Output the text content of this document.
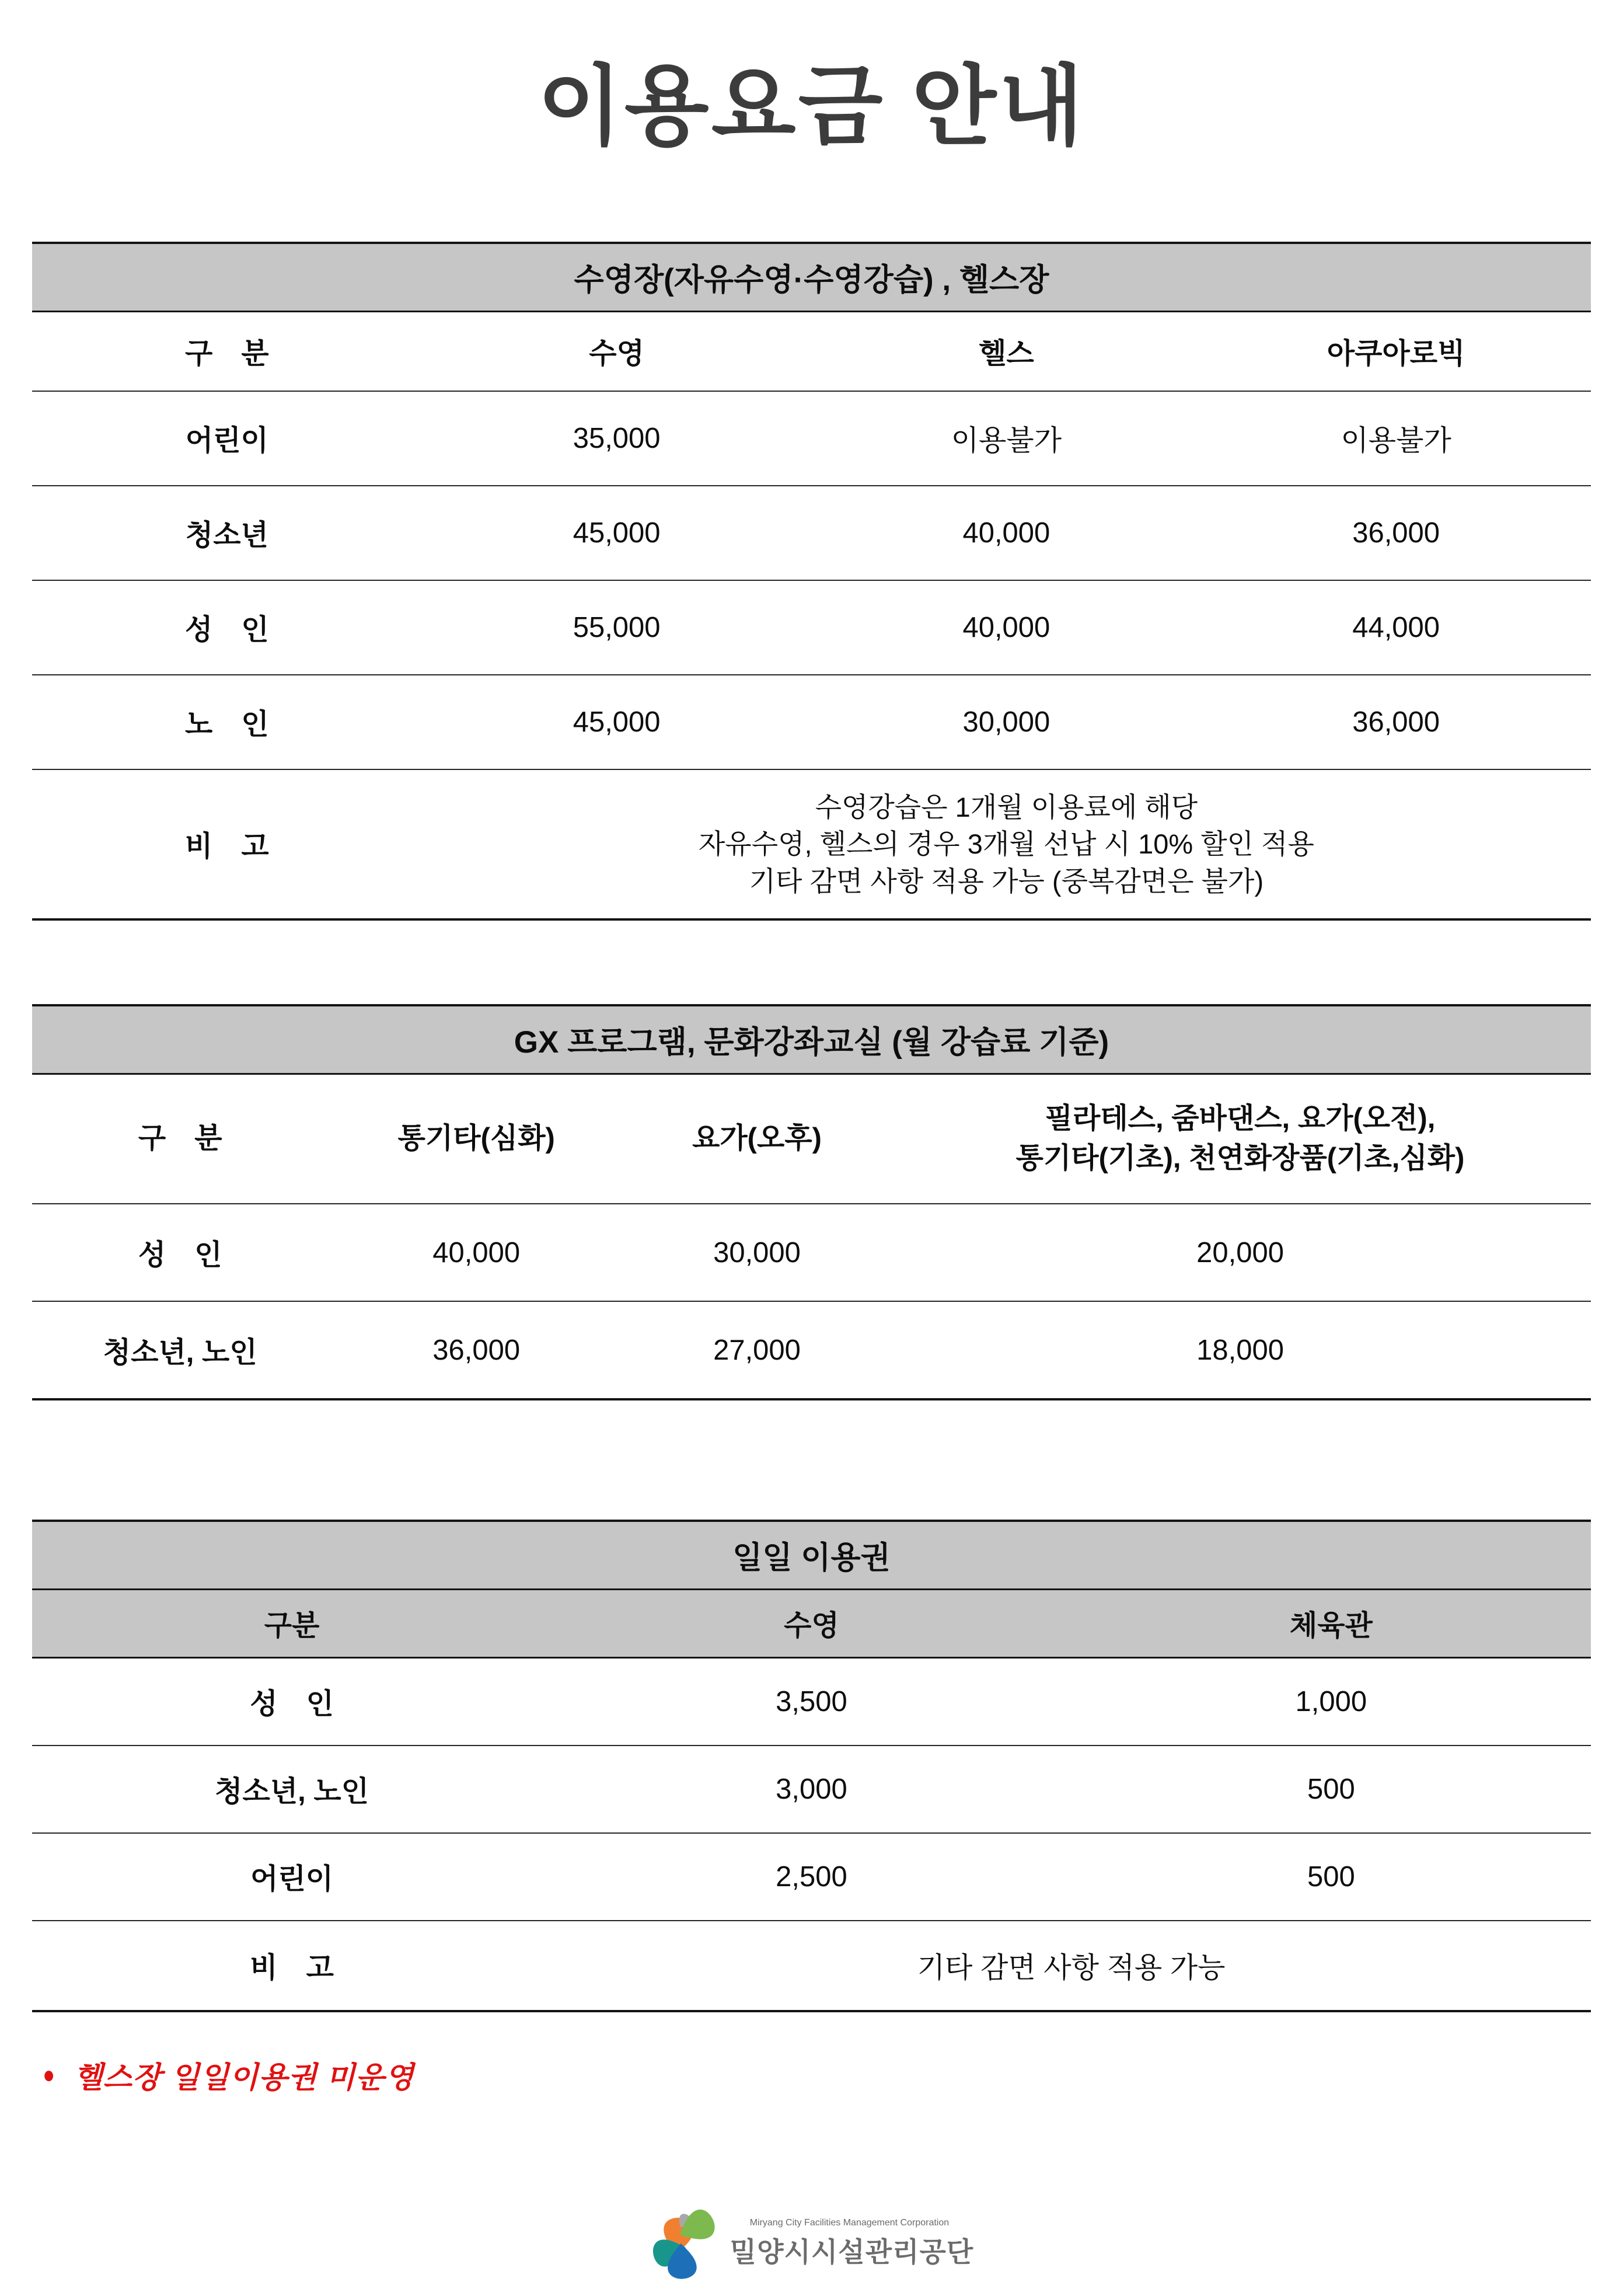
이용요금 안내
수영장(자유수영·수영강습) , 헬스장			
구　분	수영	헬스	아쿠아로빅
어린이	35,000	이용불가	이용불가
청소년	45,000	40,000	36,000
성　인	55,000	40,000	44,000
노　인	45,000	30,000	36,000
비　고	수영강습은 1개월 이용료에 해당
자유수영, 헬스의 경우 3개월 선납 시 10% 할인 적용
기타 감면 사항 적용 가능 (중복감면은 불가)		
GX 프로그램, 문화강좌교실 (월 강습료 기준)			
구　분	통기타(심화)	요가(오후)	필라테스, 줌바댄스, 요가(오전),
통기타(기초), 천연화장품(기초,심화)

성　인	40,000	30,000	20,000
청소년, 노인	36,000	27,000	18,000
일일 이용권		
구분	수영	체육관
성　인	3,500	1,000
청소년, 노인	3,000	500
어린이	2,500	500
비　고	기타 감면 사항 적용 가능	
● 헬스장 일일이용권 미운영
Miryang City Facilities Management Corporation
밀양시시설관리공단
